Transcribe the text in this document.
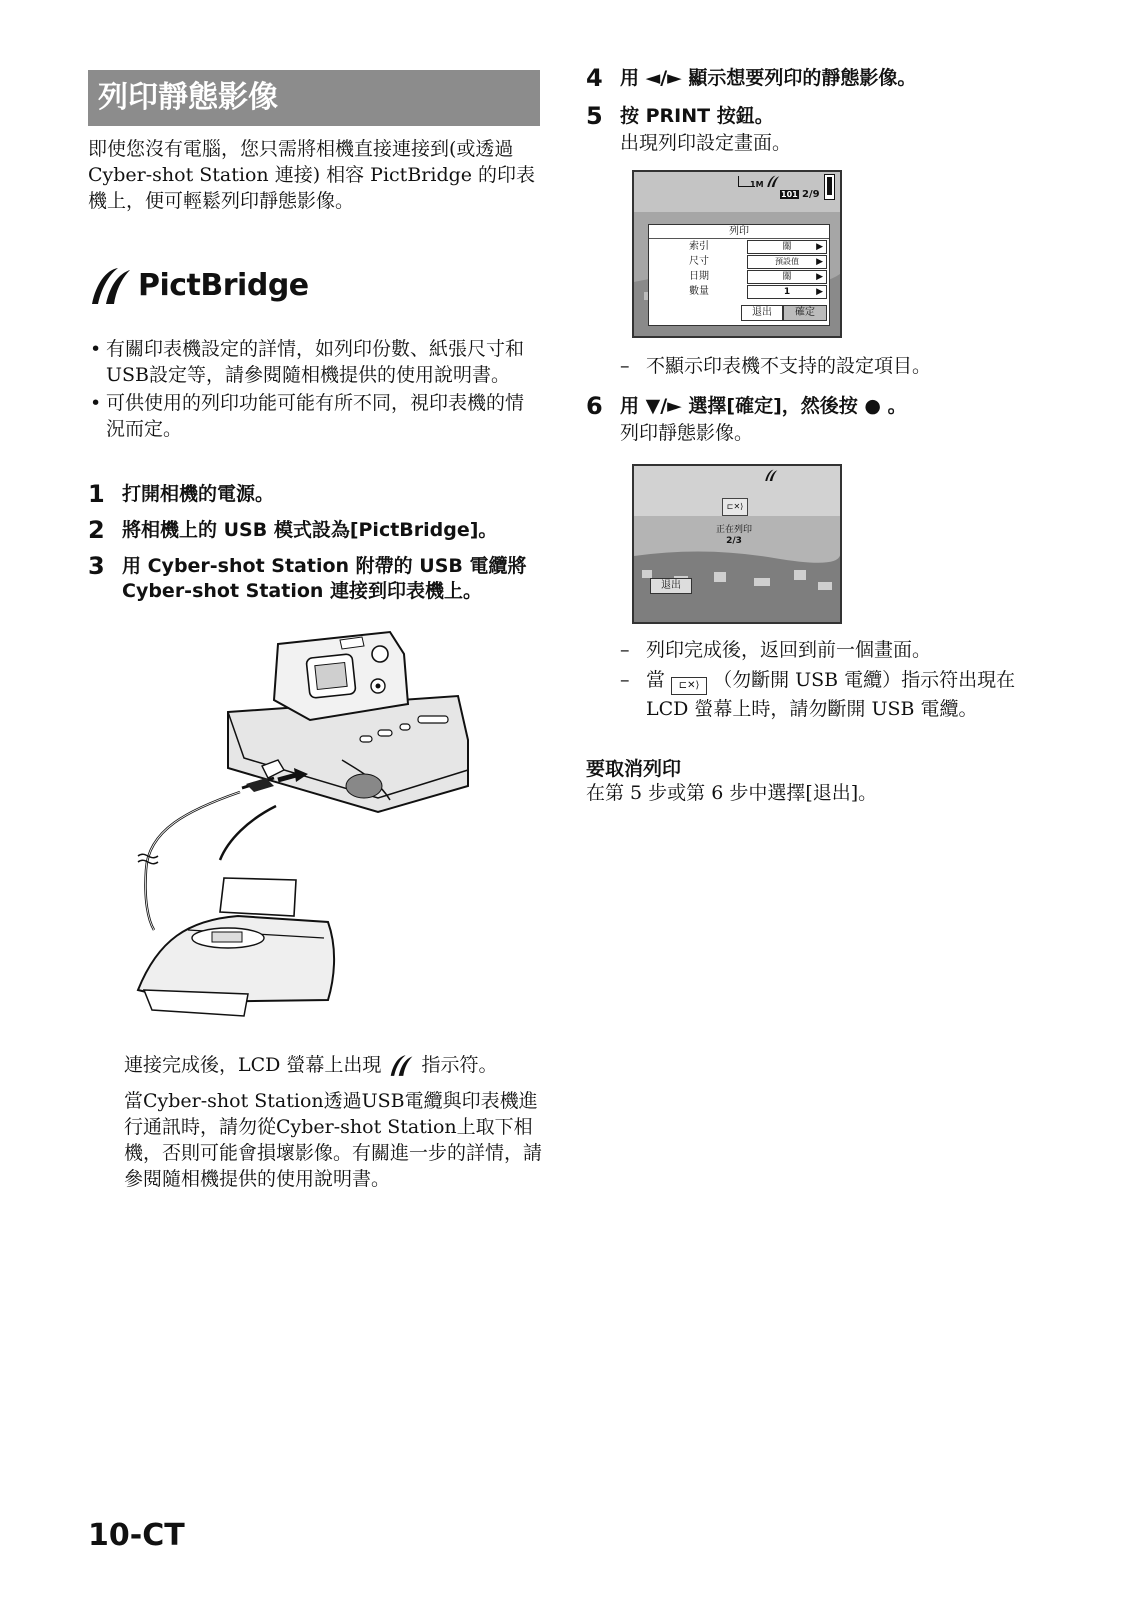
列印靜態影像
即使您沒有電腦，您只需將相機直接連接到(或透過 Cyber-shot Station 連接) 相容 PictBridge 的印表機上，便可輕鬆列印靜態影像。
PictBridge
• 有關印表機設定的詳情，如列印份數、紙張尺寸和USB設定等，請參閱隨相機提供的使用說明書。
• 可供使用的列印功能可能有所不同，視印表機的情況而定。
1 打開相機的電源。
2 將相機上的 USB 模式設為[PictBridge]。
3 用 Cyber-shot Station 附帶的 USB 電纜將 Cyber-shot Station 連接到印表機上。
連接完成後，LCD 螢幕上出現 指示符。
當Cyber-shot Station透過USB電纜與印表機進行通訊時，請勿從Cyber-shot Station上取下相機，否則可能會損壞影像。有關進一步的詳情，請參閱隨相機提供的使用說明書。
10-CT
4 用 ◄/► 顯示想要列印的靜態影像。
5 按 PRINT 按鈕。
出現列印設定畫面。
1M
101 2/9
列印
索引	關	▶
尺寸	預設值 ▶
日期	關	▶
數量	1	▶
退出	確定
– 不顯示印表機不支持的設定項目。
6 用 ▼/► 選擇[確定]，然後按 ● 。
列印靜態影像。
⊏✕⟩
正在列印
2/3
退出
– 列印完成後，返回到前一個畫面。
– 當 ⊏✕⟩ （勿斷開 USB 電纜）指示符出現在 LCD 螢幕上時，請勿斷開 USB 電纜。
要取消列印
在第 5 步或第 6 步中選擇[退出]。
